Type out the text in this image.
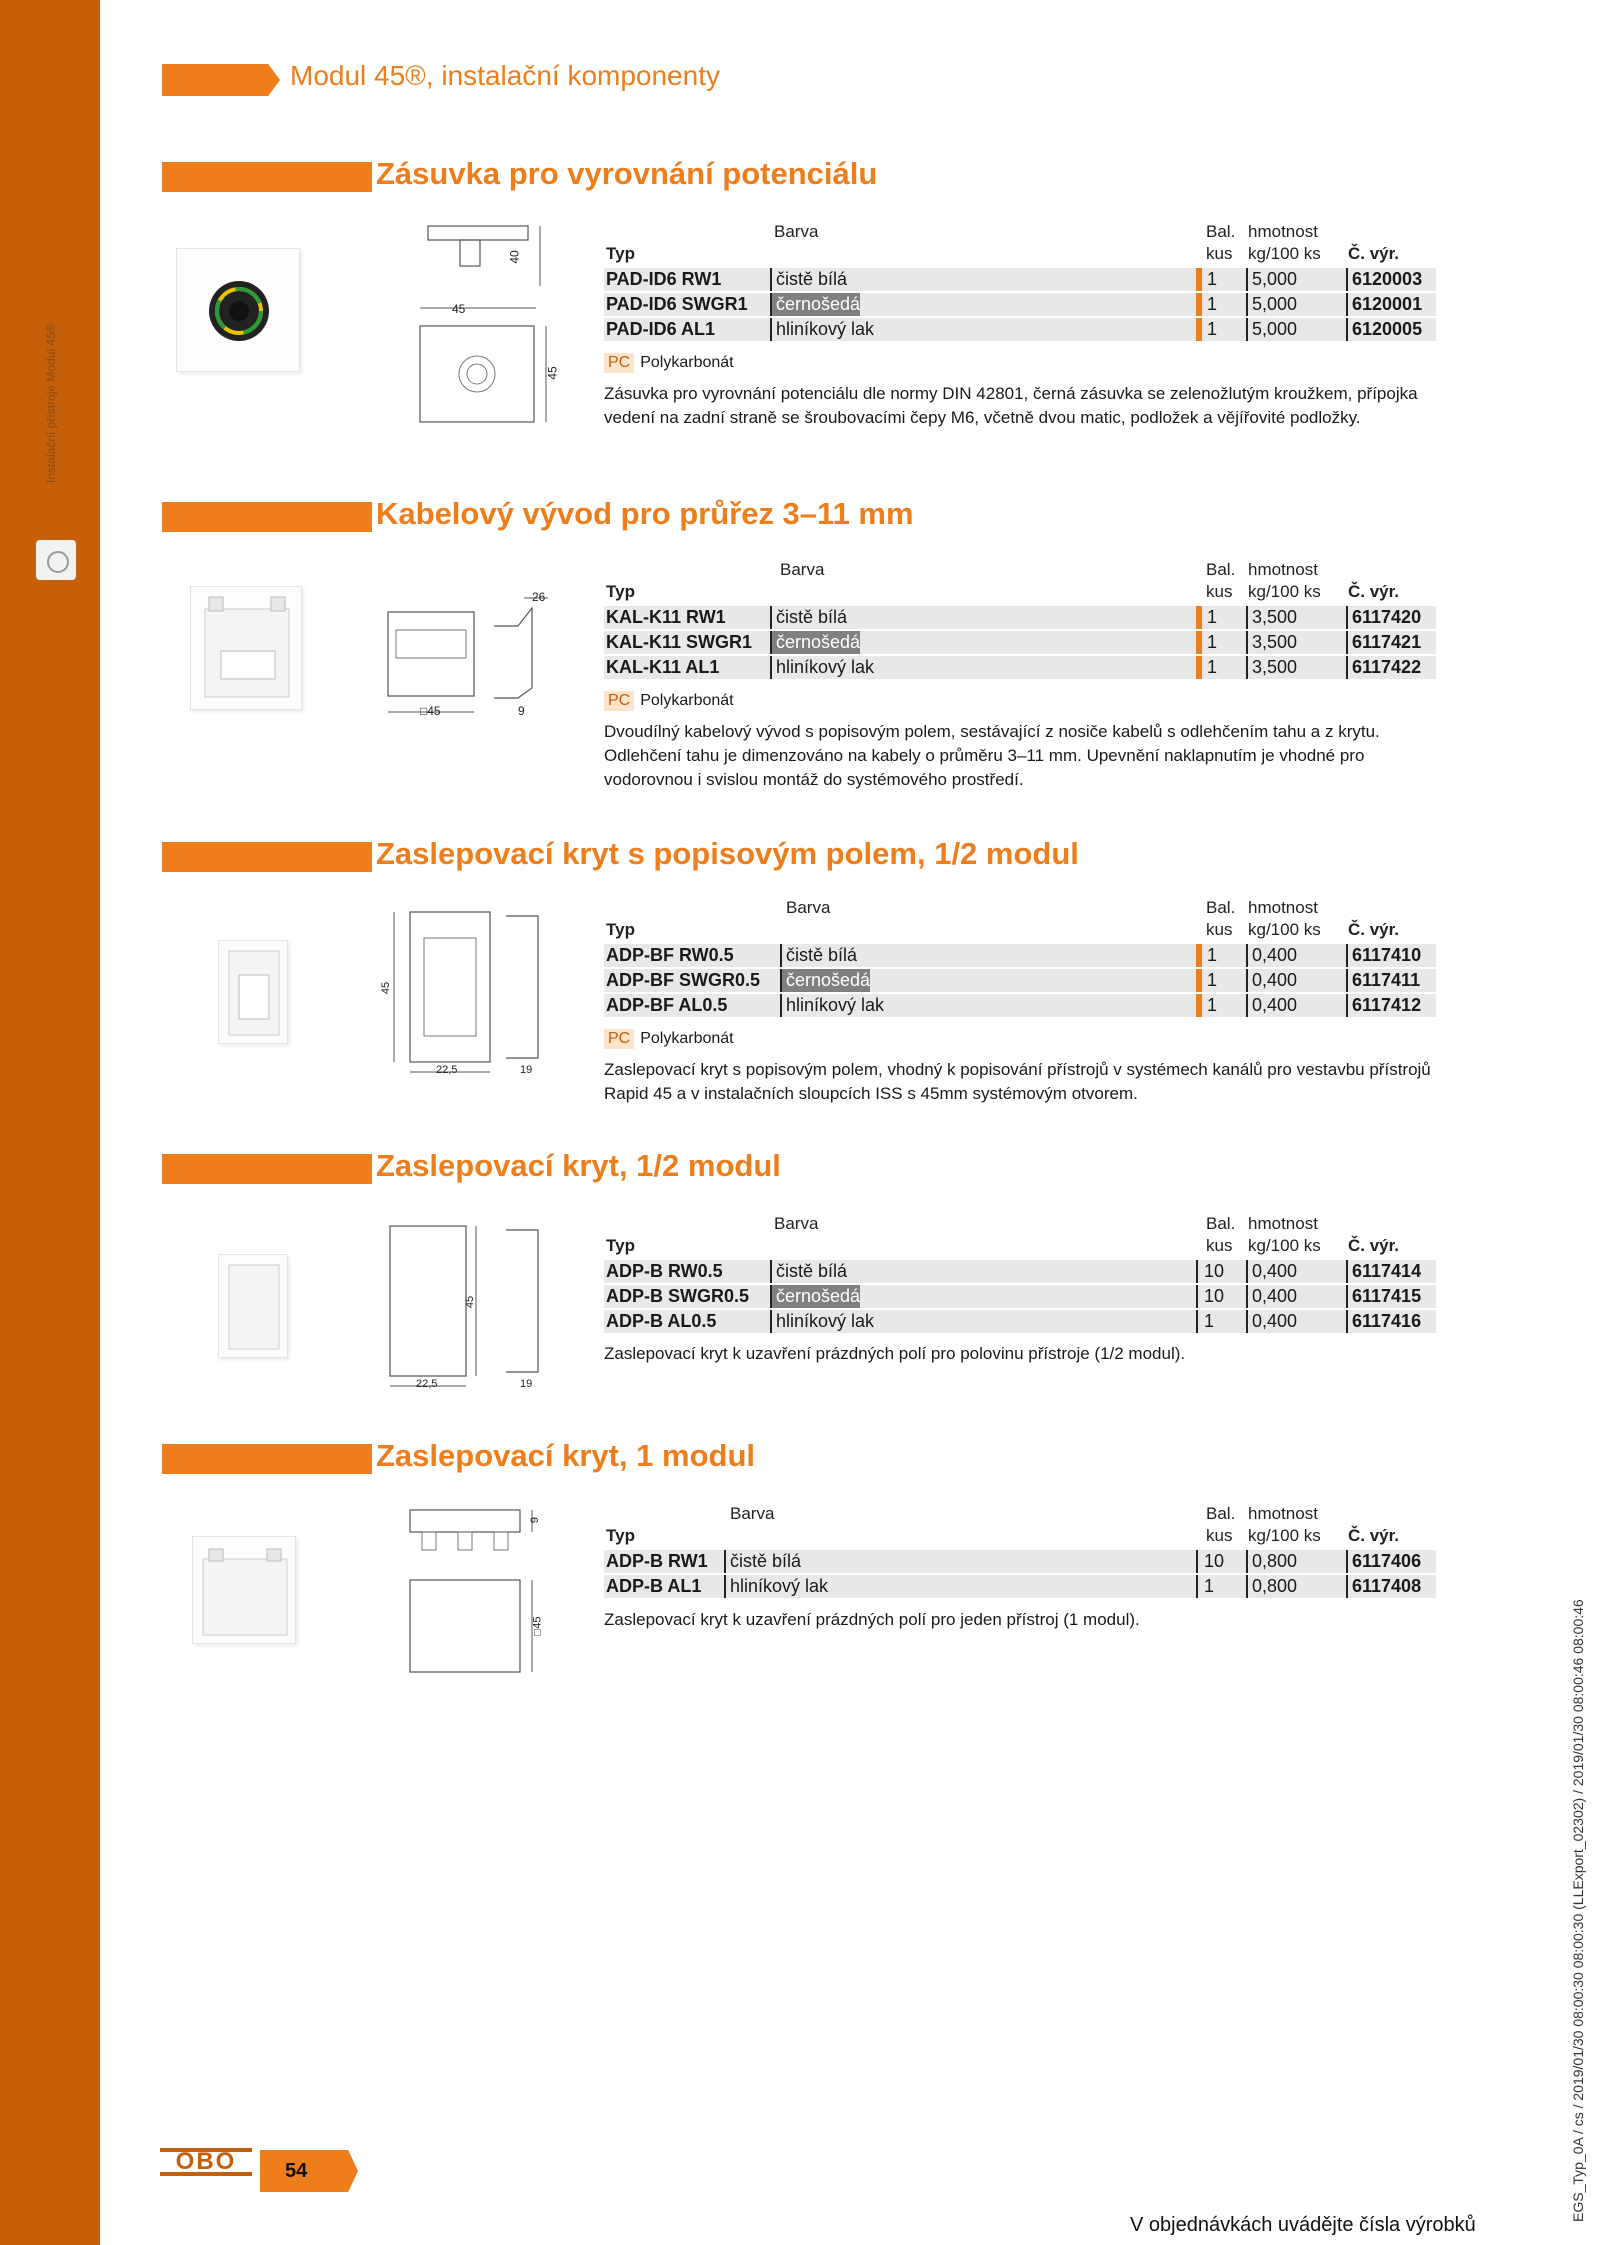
Instalační přístroje Modul 45®
Modul 45®, instalační komponenty
Zásuvka pro vyrovnání potenciálu
40
45
45
Barva
Typ
Bal.
kus
hmotnost
kg/100 ks Č. výr.
PAD-ID6 RW1	čistě bílá	1	5,000	6120003
PAD-ID6 SWGR1	černošedá	1	5,000	6120001
PAD-ID6 AL1	hliníkový lak	1	5,000	6120005
PC Polykarbonát
Zásuvka pro vyrovnání potenciálu dle normy DIN 42801, černá zásuvka se zelenožlutým kroužkem, přípojka vedení na zadní straně se šroubovacími čepy M6, včetně dvou matic, podložek a vějířovité podložky.
Kabelový vývod pro průřez 3–11 mm
26
□45	9
Barva
Typ
Bal.
kus
hmotnost
kg/100 ks Č. výr.
KAL-K11 RW1	čistě bílá	1	3,500	6117420
KAL-K11 SWGR1	černošedá	1	3,500	6117421
KAL-K11 AL1	hliníkový lak	1	3,500	6117422
PC Polykarbonát
Dvoudílný kabelový vývod s popisovým polem, sestávající z nosiče kabelů s odlehčením tahu a z krytu. Odlehčení tahu je dimenzováno na kabely o průměru 3–11 mm. Upevnění naklapnutím je vhodné pro vodorovnou i svislou montáž do systémového prostředí.
Zaslepovací kryt s popisovým polem, 1/2 modul
45
22,5	19
Barva
Typ
Bal.
kus
hmotnost
kg/100 ks Č. výr.
ADP-BF RW0.5	čistě bílá	1	0,400	6117410
ADP-BF SWGR0.5	černošedá	1	0,400	6117411
ADP-BF AL0.5	hliníkový lak	1	0,400	6117412
PC Polykarbonát
Zaslepovací kryt s popisovým polem, vhodný k popisování přístrojů v systémech kanálů pro vestavbu přístrojů Rapid 45 a v instalačních sloupcích ISS s 45mm systémovým otvorem.
Zaslepovací kryt, 1/2 modul
45
22,5	19
Barva
Typ
Bal.
kus
hmotnost
kg/100 ks Č. výr.
ADP-B RW0.5	čistě bílá	10	0,400	6117414
ADP-B SWGR0.5	černošedá	10	0,400	6117415
ADP-B AL0.5	hliníkový lak	1	0,400	6117416
Zaslepovací kryt k uzavření prázdných polí pro polovinu přístroje (1/2 modul).
Zaslepovací kryt, 1 modul
9
□45
Barva
Typ
Bal.
kus
hmotnost
kg/100 ks Č. výr.
ADP-B RW1	čistě bílá	10	0,800	6117406
ADP-B AL1	hliníkový lak	1	0,800	6117408
Zaslepovací kryt k uzavření prázdných polí pro jeden přístroj (1 modul).
OBO	54
V objednávkách uvádějte čísla výrobků
EGS_Typ_0A / cs / 2019/01/30 08:00:30 08:00:30 (LLExport_02302) / 2019/01/30 08:00:46 08:00:46
